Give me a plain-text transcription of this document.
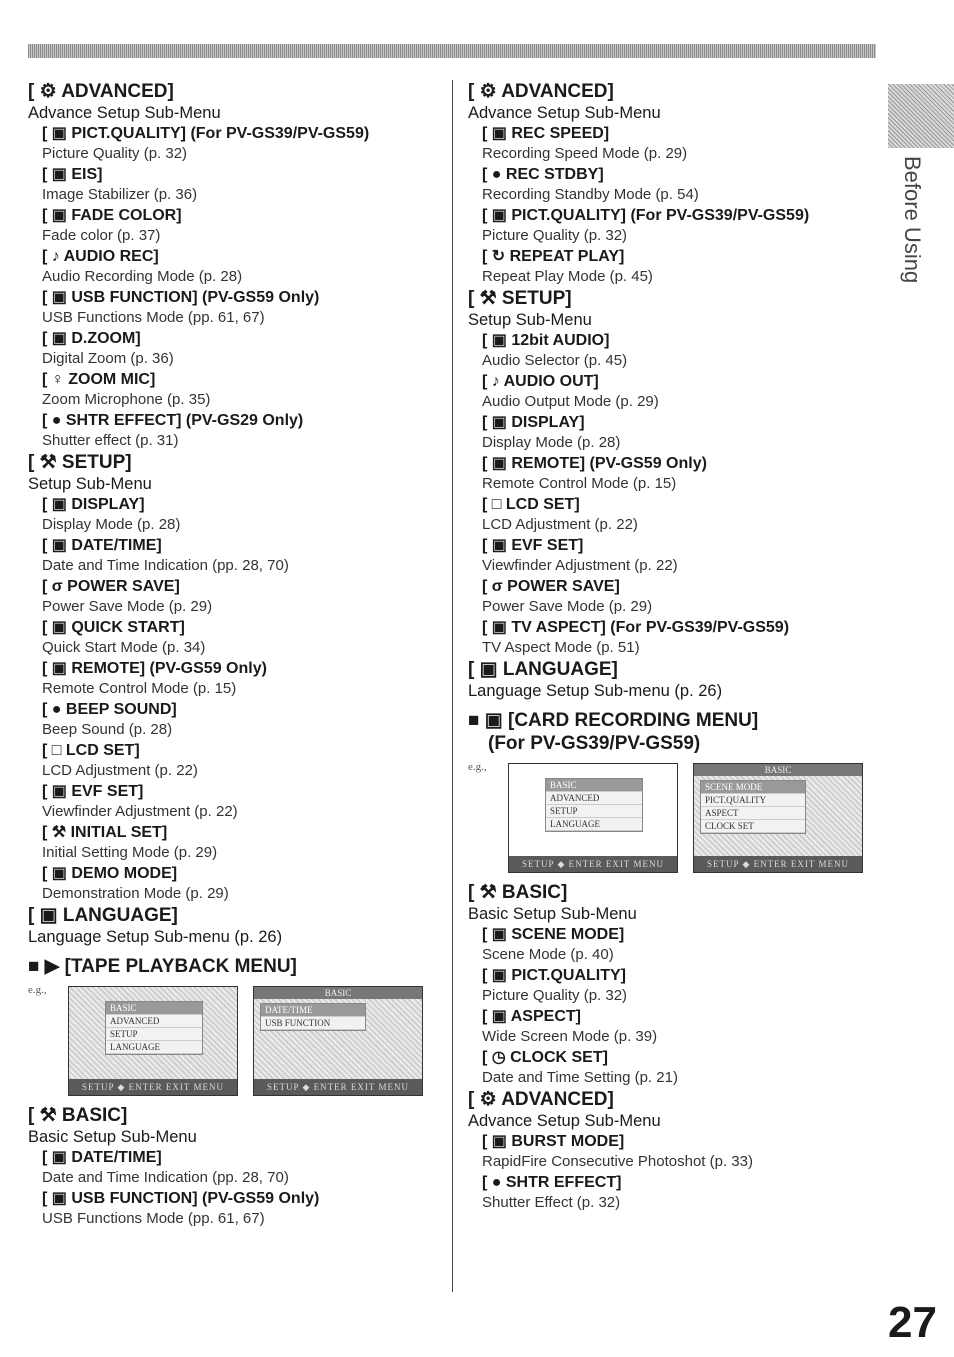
Before Using
27
[ ⚙ ADVANCED]
Advance Setup Sub-Menu
[ ▣ PICT.QUALITY] (For PV-GS39/PV-GS59)
Picture Quality (p. 32)
[ ▣ EIS]
Image Stabilizer (p. 36)
[ ▣ FADE COLOR]
Fade color (p. 37)
[ ♪ AUDIO REC]
Audio Recording Mode (p. 28)
[ ▣ USB FUNCTION] (PV-GS59 Only)
USB Functions Mode (pp. 61, 67)
[ ▣ D.ZOOM]
Digital Zoom (p. 36)
[ ♀ ZOOM MIC]
Zoom Microphone (p. 35)
[ ● SHTR EFFECT] (PV-GS29 Only)
Shutter effect (p. 31)
[ ⚒ SETUP]
Setup Sub-Menu
[ ▣ DISPLAY]
Display Mode (p. 28)
[ ▣ DATE/TIME]
Date and Time Indication (pp. 28, 70)
[ σ POWER SAVE]
Power Save Mode (p. 29)
[ ▣ QUICK START]
Quick Start Mode (p. 34)
[ ▣ REMOTE] (PV-GS59 Only)
Remote Control Mode (p. 15)
[ ● BEEP SOUND]
Beep Sound (p. 28)
[ □ LCD SET]
LCD Adjustment (p. 22)
[ ▣ EVF SET]
Viewfinder Adjustment (p. 22)
[ ⚒ INITIAL SET]
Initial Setting Mode (p. 29)
[ ▣ DEMO MODE]
Demonstration Mode (p. 29)
[ ▣ LANGUAGE]
Language Setup Sub-menu (p. 26)
■ ▶ [TAPE PLAYBACK MENU]
e.g.,
BASIC
ADVANCED
SETUP
LANGUAGE
SETUP ◆ ENTER EXIT MENU
BASIC
DATE/TIME
USB FUNCTION
SETUP ◆ ENTER EXIT MENU
[ ⚒ BASIC]
Basic Setup Sub-Menu
[ ▣ DATE/TIME]
Date and Time Indication (pp. 28, 70)
[ ▣ USB FUNCTION] (PV-GS59 Only)
USB Functions Mode (pp. 61, 67)
[ ⚙ ADVANCED]
Advance Setup Sub-Menu
[ ▣ REC SPEED]
Recording Speed Mode (p. 29)
[ ● REC STDBY]
Recording Standby Mode (p. 54)
[ ▣ PICT.QUALITY] (For PV-GS39/PV-GS59)
Picture Quality (p. 32)
[ ↻ REPEAT PLAY]
Repeat Play Mode (p. 45)
[ ⚒ SETUP]
Setup Sub-Menu
[ ▣ 12bit AUDIO]
Audio Selector (p. 45)
[ ♪ AUDIO OUT]
Audio Output Mode (p. 29)
[ ▣ DISPLAY]
Display Mode (p. 28)
[ ▣ REMOTE] (PV-GS59 Only)
Remote Control Mode (p. 15)
[ □ LCD SET]
LCD Adjustment (p. 22)
[ ▣ EVF SET]
Viewfinder Adjustment (p. 22)
[ σ POWER SAVE]
Power Save Mode (p. 29)
[ ▣ TV ASPECT] (For PV-GS39/PV-GS59)
TV Aspect Mode (p. 51)
[ ▣ LANGUAGE]
Language Setup Sub-menu (p. 26)
■ ▣ [CARD RECORDING MENU]
(For PV-GS39/PV-GS59)
e.g.,
BASIC
ADVANCED
SETUP
LANGUAGE
SETUP ◆ ENTER EXIT MENU
BASIC
SCENE MODE
PICT.QUALITY
ASPECT
CLOCK SET
SETUP ◆ ENTER EXIT MENU
[ ⚒ BASIC]
Basic Setup Sub-Menu
[ ▣ SCENE MODE]
Scene Mode (p. 40)
[ ▣ PICT.QUALITY]
Picture Quality (p. 32)
[ ▣ ASPECT]
Wide Screen Mode (p. 39)
[ ◷ CLOCK SET]
Date and Time Setting (p. 21)
[ ⚙ ADVANCED]
Advance Setup Sub-Menu
[ ▣ BURST MODE]
RapidFire Consecutive Photoshot (p. 33)
[ ● SHTR EFFECT]
Shutter Effect (p. 32)
